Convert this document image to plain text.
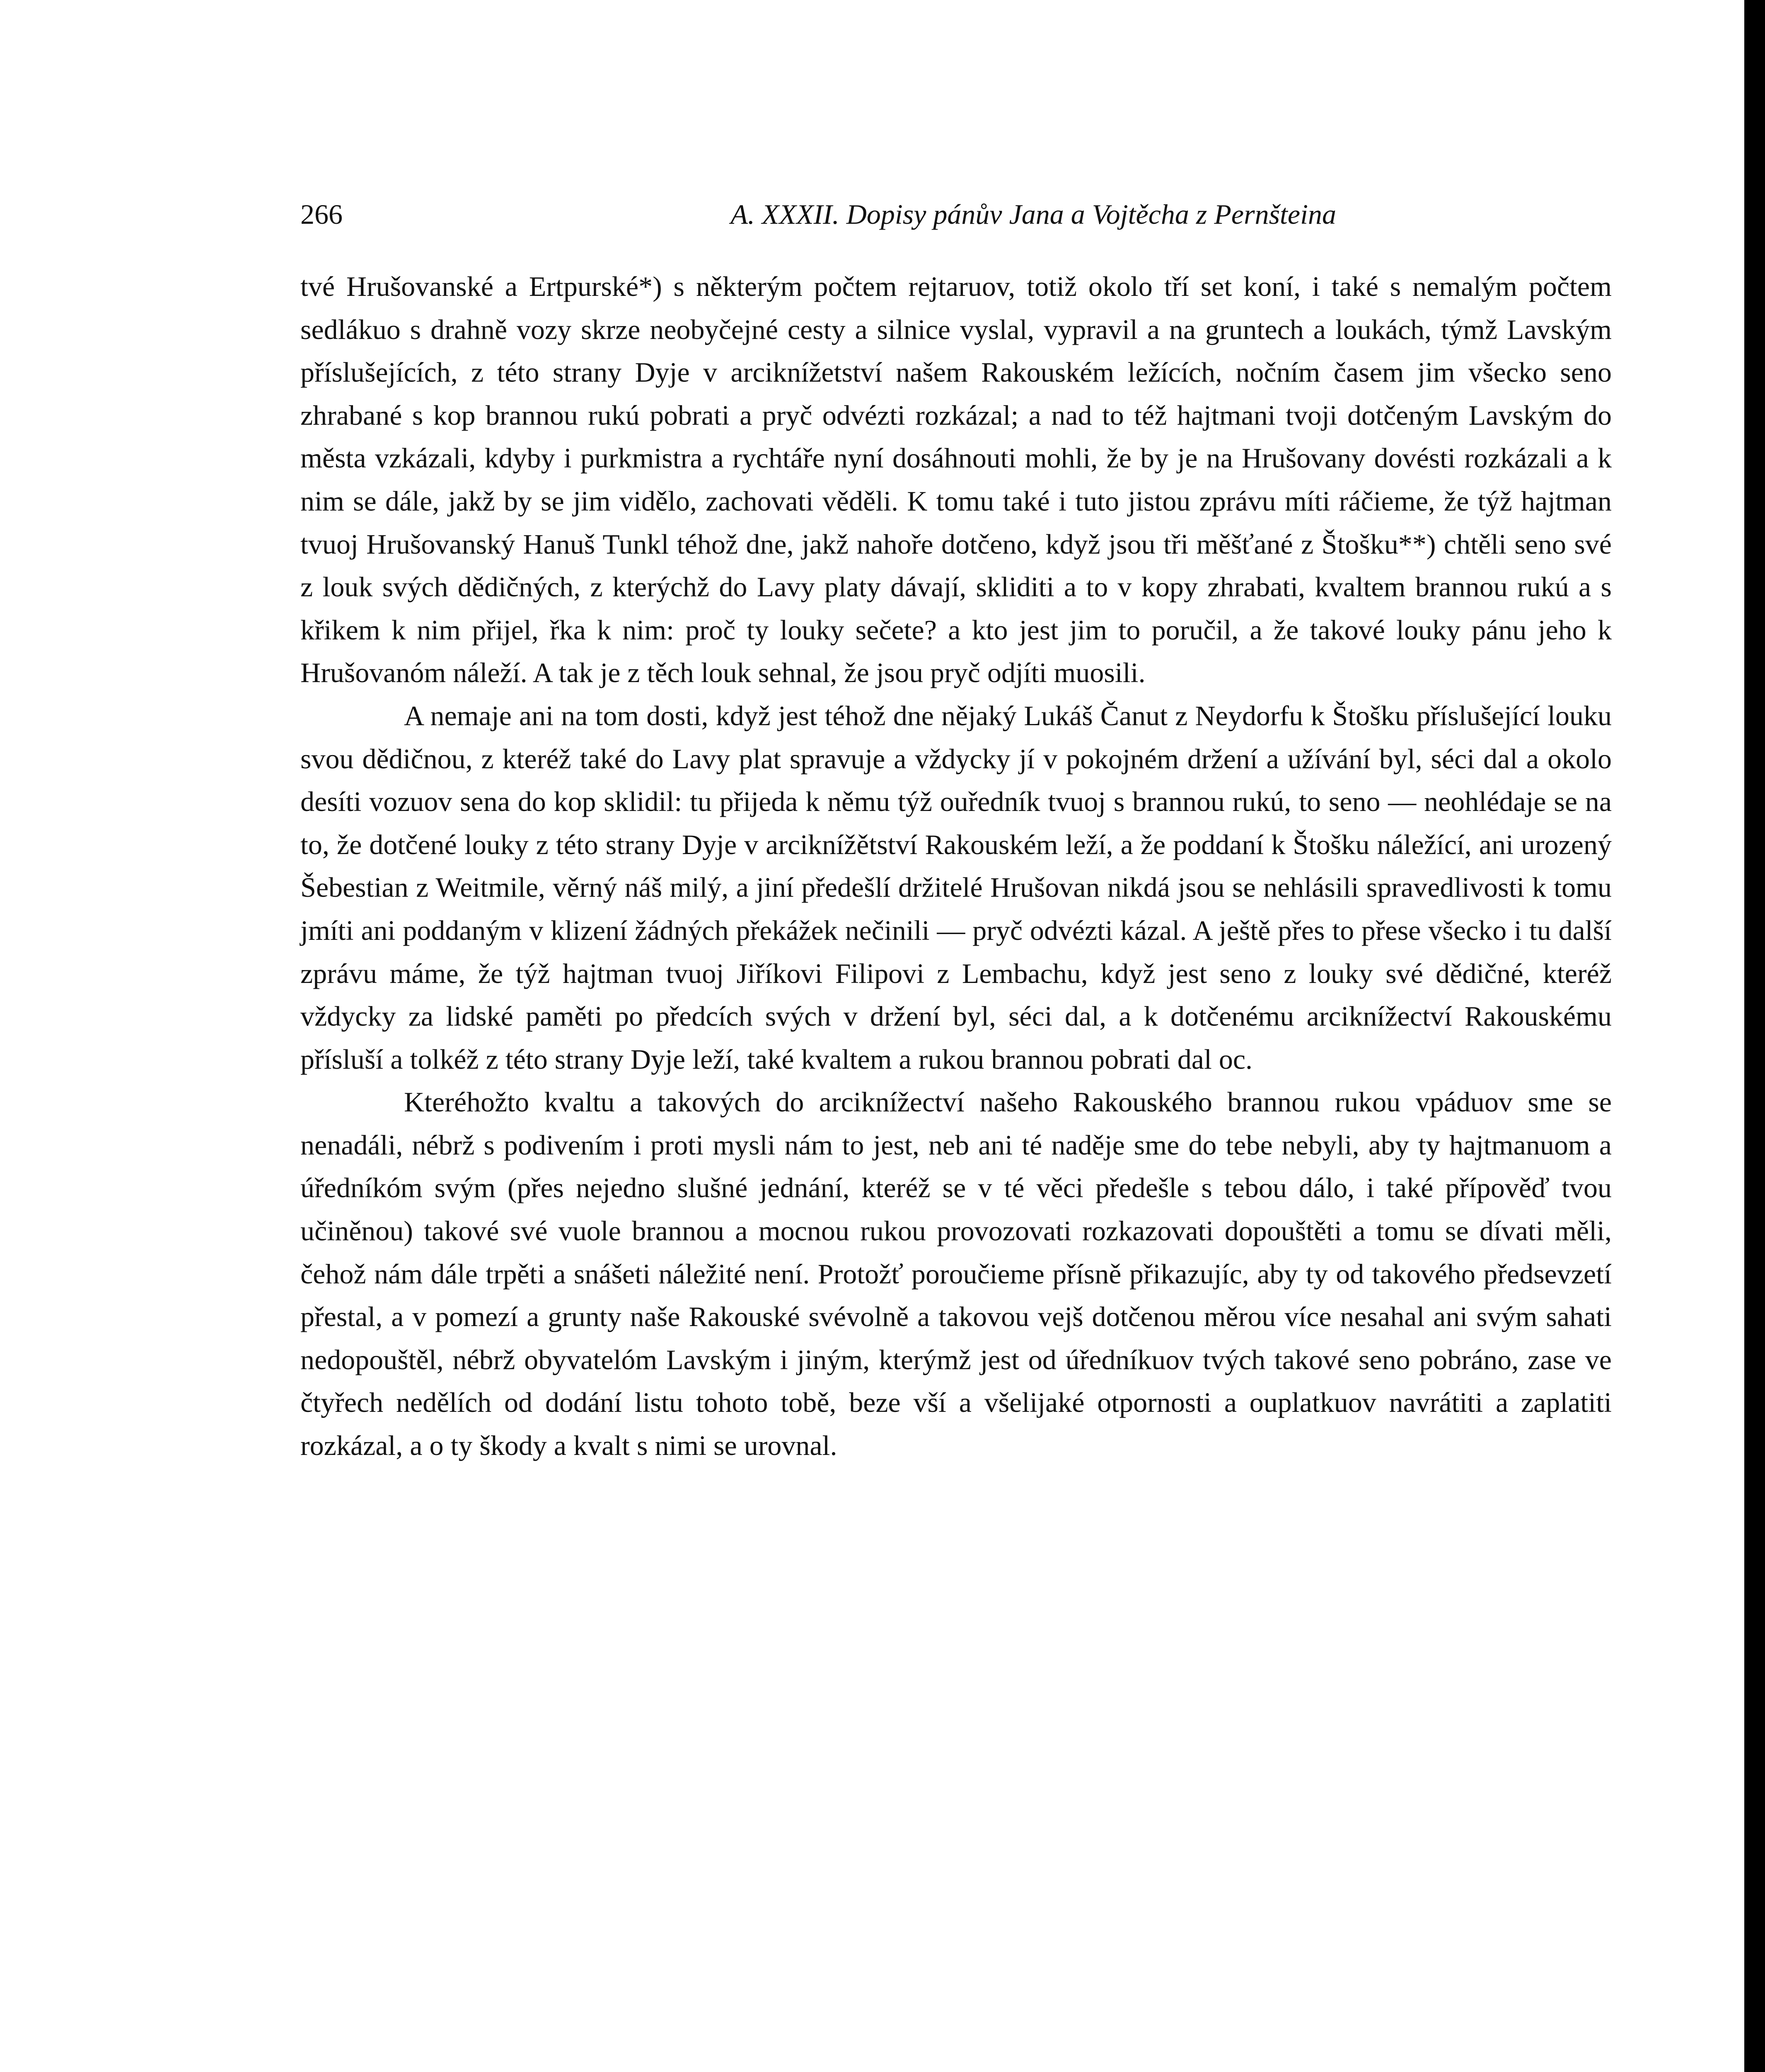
266	A. XXXII. Dopisy pánův Jana a Vojtěcha z Pernšteina

tvé Hrušovanské a Ertpurské*) s některým počtem rejtaruov, totiž okolo tří set koní, i také s nemalým počtem sedlákuo s drahně vozy skrze neobyčejné cesty a silnice vyslal, vypravil a na gruntech a loukách, týmž Lavským příslušejících, z této strany Dyje v arciknížetství našem Rakouském ležících, nočním časem jim všecko seno zhrabané s kop brannou rukú pobrati a pryč odvézti rozkázal; a nad to též hajtmani tvoji dotčeným Lavským do města vzkázali, kdyby i purkmistra a rychtáře nyní dosáhnouti mohli, že by je na Hrušovany dovésti rozkázali a k nim se dále, jakž by se jim vidělo, zachovati věděli. K tomu také i tuto jistou zprávu míti ráčieme, že týž hajtman tvuoj Hrušovanský Hanuš Tunkl téhož dne, jakž nahoře dotčeno, když jsou tři měšťané z Štošku**) chtěli seno své z louk svých dědičných, z kterýchž do Lavy platy dávají, skliditi a to v kopy zhrabati, kvaltem brannou rukú a s křikem k nim přijel, řka k nim: proč ty louky sečete? a kto jest jim to poručil, a že takové louky pánu jeho k Hrušovanóm náleží. A tak je z těch louk sehnal, že jsou pryč odjíti muosili.

A nemaje ani na tom dosti, když jest téhož dne nějaký Lukáš Čanut z Neydorfu k Štošku příslušející louku svou dědičnou, z kteréž také do Lavy plat spravuje a vždycky jí v pokojném držení a užívání byl, séci dal a okolo desíti vozuov sena do kop sklidil: tu přijeda k němu týž ouředník tvuoj s brannou rukú, to seno — neohlédaje se na to, že dotčené louky z této strany Dyje v arciknížětství Rakouském leží, a že poddaní k Štošku náležící, ani urozený Šebestian z Weitmile, věrný náš milý, a jiní předešlí držitelé Hrušovan nikdá jsou se nehlásili spravedlivosti k tomu jmíti ani poddaným v klizení žádných překážek nečinili — pryč odvézti kázal. A ještě přes to přese všecko i tu další zprávu máme, že týž hajtman tvuoj Jiříkovi Filipovi z Lembachu, když jest seno z louky své dědičné, kteréž vždycky za lidské paměti po předcích svých v držení byl, séci dal, a k dotčenému arciknížectví Rakouskému přísluší a tolkéž z této strany Dyje leží, také kvaltem a rukou brannou pobrati dal oc.

Kteréhožto kvaltu a takových do arciknížectví našeho Rakouského brannou rukou vpáduov sme se nenadáli, nébrž s podivením i proti mysli nám to jest, neb ani té naděje sme do tebe nebyli, aby ty hajtmanuom a úředníkóm svým (přes nejedno slušné jednání, kteréž se v té věci předešle s tebou dálo, i také přípověď tvou učiněnou) takové své vuole brannou a mocnou rukou provozovati rozkazovati dopouštěti a tomu se dívati měli, čehož nám dále trpěti a snášeti náležité není. Protožť poroučieme přísně přikazujíc, aby ty od takového předsevzetí přestal, a v pomezí a grunty naše Rakouské svévolně a takovou vejš dotčenou měrou více nesahal ani svým sahati nedopouštěl, nébrž obyvatelóm Lavským i jiným, kterýmž jest od úředníkuov tvých takové seno pobráno, zase ve čtyřech nedělích od dodání listu tohoto tobě, beze vší a všelijaké otpornosti a ouplatkuov navrátiti a zaplatiti rozkázal, a o ty škody a kvalt s nimi se urovnal.
